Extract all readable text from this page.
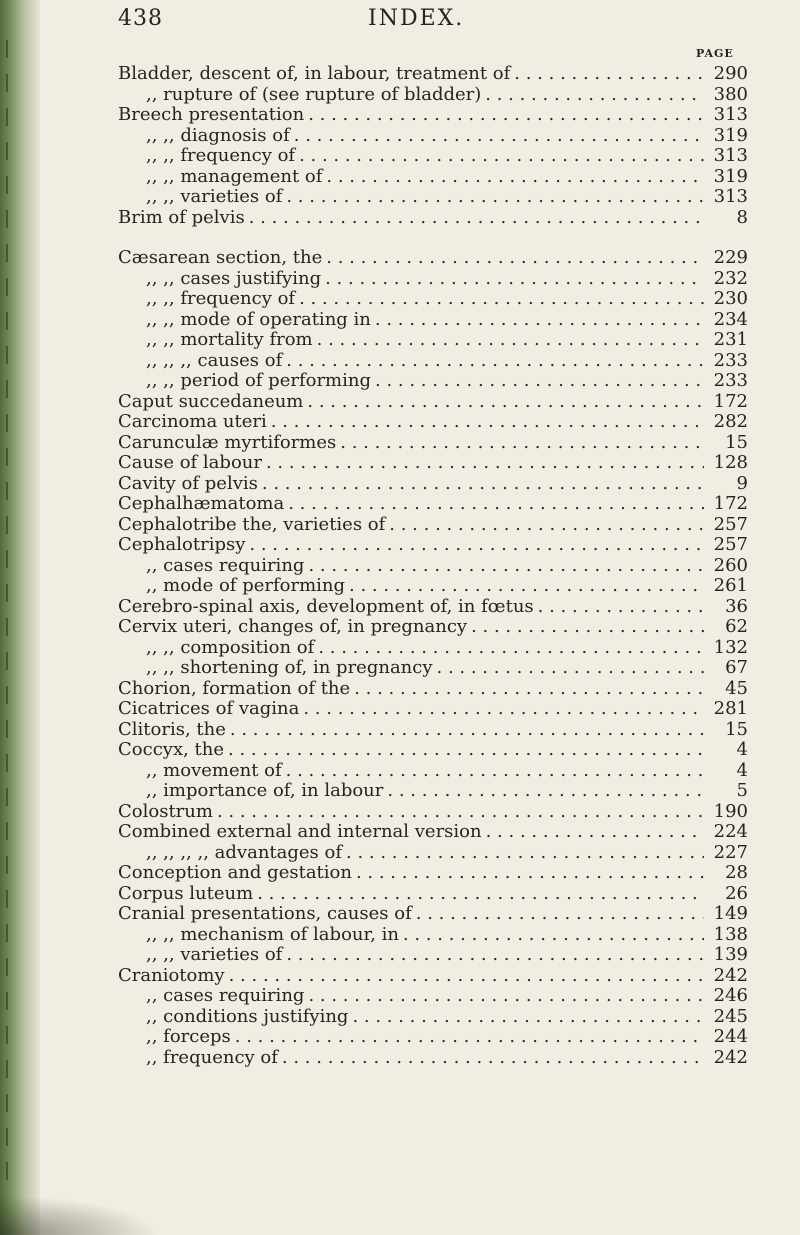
438	INDEX.
PAGE
Bladder, descent of, in labour, treatment of . . .	290
,, rupture of (see rupture of bladder) . . .	380
Breech presentation . . .	313
,, ,, diagnosis of . . .	319
,, ,, frequency of . . .	313
,, ,, management of . . .	319
,, ,, varieties of . . .	313
Brim of pelvis . . .	8
Cæsarean section, the . . .	229
,, ,, cases justifying . . .	232
,, ,, frequency of . . .	230
,, ,, mode of operating in . . .	234
,, ,, mortality from . . .	231
,, ,, ,, causes of . . .	233
,, ,, period of performing . . .	233
Caput succedaneum . . .	172
Carcinoma uteri . . .	282
Carunculæ myrtiformes . . .	15
Cause of labour . . .	128
Cavity of pelvis . . .	9
Cephalhæmatoma . . .	172
Cephalotribe the, varieties of . . .	257
Cephalotripsy . . .	257
,, cases requiring . . .	260
,, mode of performing . . .	261
Cerebro-spinal axis, development of, in fœtus . . .	36
Cervix uteri, changes of, in pregnancy . . .	62
,, ,, composition of . . .	132
,, ,, shortening of, in pregnancy . . .	67
Chorion, formation of the . . .	45
Cicatrices of vagina . . .	281
Clitoris, the . . .	15
Coccyx, the . . .	4
,, movement of . . .	4
,, importance of, in labour . . .	5
Colostrum . . .	190
Combined external and internal version . . .	224
,, ,, ,, ,, advantages of . . .	227
Conception and gestation . . .	28
Corpus luteum . . .	26
Cranial presentations, causes of . . .	149
,, ,, mechanism of labour, in . . .	138
,, ,, varieties of . . .	139
Craniotomy . . .	242
,, cases requiring . . .	246
,, conditions justifying . . .	245
,, forceps . . .	244
,, frequency of . . .	242
